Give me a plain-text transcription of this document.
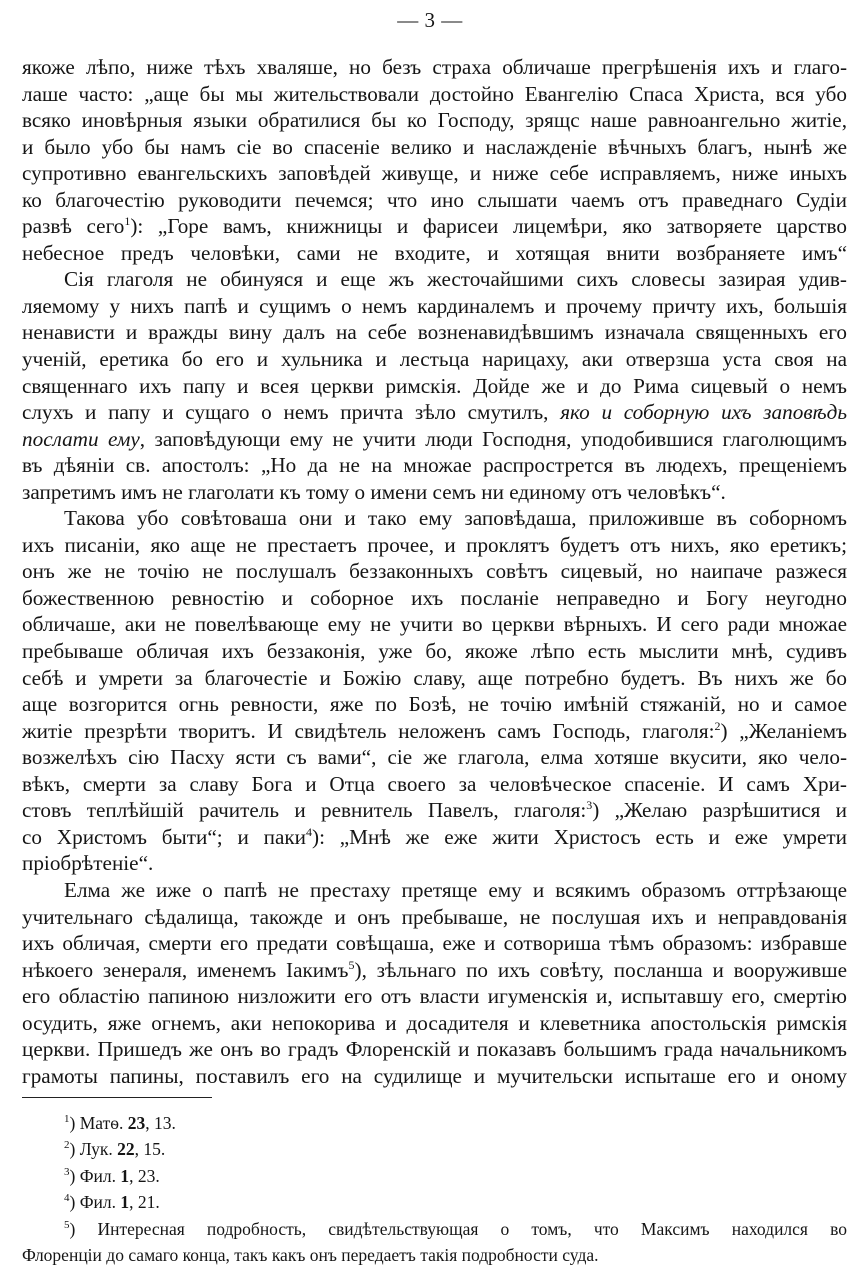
— 3 —
якоже лѣпо, ниже тѣхъ хваляше, но безъ страха обличаше прегрѣшенія ихъ и глаго-
лаше часто: „аще бы мы жительствовали достойно Евангелію Спаса Христа, вся убо
всяко иновѣрныя языки обратилися бы ко Господу, зрящс наше равноангельно житіе,
и было убо бы намъ сіе во спасеніе велико и наслажденіе вѣчныхъ благъ, нынѣ же
супротивно евангельскихъ заповѣдей живуще, и ниже себе исправляемъ, ниже иныхъ
ко благочестію руководити печемся; что ино слышати чаемъ отъ праведнаго Судіи
развѣ сего$^1$): „Горе вамъ, книжницы и фарисеи лицемѣри, яко затворяете царство
небесное предъ человѣки, сами не входите, и хотящая внити возбраняете имъ“
Сія глаголя не обинуяся и еще жъ жесточайшими сихъ словесы зазирая удив-
ляемому у нихъ папѣ и сущимъ о немъ кардиналемъ и прочему причту ихъ, большія
ненависти и вражды вину далъ на себе возненавидѣвшимъ изначала священныхъ его
ученій, еретика бо его и хульника и лестьца нарицаху, аки отверзша уста своя на
священнаго ихъ папу и всея церкви римскія. Дойде же и до Рима сицевый о немъ
слухъ и папу и сущаго о немъ причта зѣло смутилъ, яко и соборную ихъ заповѣдь
послати ему, заповѣдующи ему не учити люди Господня, уподобившися глаголющимъ
въ дѣяніи св. апостолъ: „Но да не на множае распрострется въ людехъ, прещеніемъ
запретимъ имъ не глаголати къ тому о имени семъ ни единому отъ человѣкъ“.
Такова убо совѣтоваша они и тако ему заповѣдаша, приложивше въ соборномъ
ихъ писаніи, яко аще не престаетъ прочее, и проклятъ будетъ отъ нихъ, яко еретикъ;
онъ же не точію не послушалъ беззаконныхъ совѣтъ сицевый, но наипаче разжеся
божественною ревностію и соборное ихъ посланіе неправедно и Богу неугодно
обличаше, аки не повелѣвающе ему не учити во церкви вѣрныхъ. И сего ради множае
пребываше обличая ихъ беззаконія, уже бо, якоже лѣпо есть мыслити мнѣ, судивъ
себѣ и умрети за благочестіе и Божію славу, аще потребно будетъ. Въ нихъ же бо
аще возгорится огнь ревности, яже по Бозѣ, не точію имѣній стяжаній, но и самое
житіе презрѣти творитъ. И свидѣтель неложенъ самъ Господь, глаголя:$^2$) „Желаніемъ
возжелѣхъ сію Пасху ясти съ вами“, сіе же глагола, елма хотяше вкусити, яко чело-
вѣкъ, смерти за славу Бога и Отца своего за человѣческое спасеніе. И самъ Хри-
стовъ теплѣйшій рачитель и ревнитель Павелъ, глаголя:$^3$) „Желаю разрѣшитися и
со Христомъ быти“; и паки$^4$): „Мнѣ же еже жити Христосъ есть и еже умрети
пріобрѣтеніе“.
Елма же иже о папѣ не престаху претяще ему и всякимъ образомъ оттрѣзающе
учительнаго сѣдалища, такожде и онъ пребываше, не послушая ихъ и неправдованія
ихъ обличая, смерти его предати совѣщаша, еже и сотвориша тѣмъ образомъ: избравше
нѣкоего зенераля, именемъ Іакимъ$^5$), зѣльнаго по ихъ совѣту, посланша и вооруживше
его областію папиною низложити его отъ власти игуменскія и, испытавшу его, смертію
осудить, яже огнемъ, аки непокорива и досадителя и клеветника апостольскія римскія
церкви. Пришедъ же онъ во градъ Флоренскій и показавъ большимъ града начальникомъ
грамоты папины, поставилъ его на судилище и мучительски испыташе его и оному
$^1$) Матѳ. 23, 13.
$^2$) Лук. 22, 15.
$^3$) Фил. 1, 23.
$^4$) Фил. 1, 21.
$^5$) Интересная подробность, свидѣтельствующая о томъ, что Максимъ находился во
Флоренціи до самаго конца, такъ какъ онъ передаетъ такія подробности суда.
